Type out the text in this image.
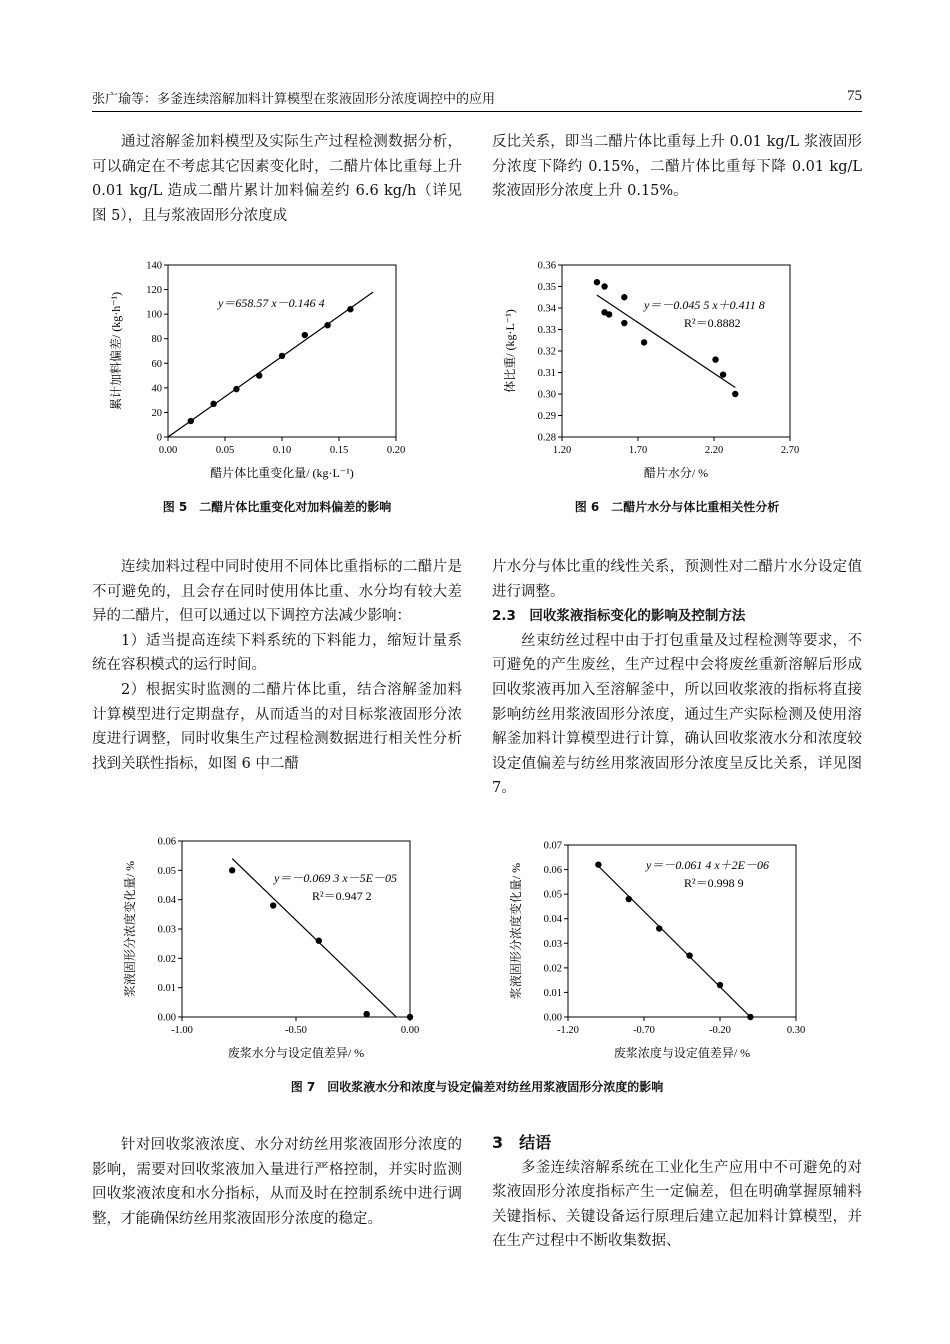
张广瑜等：多釜连续溶解加料计算模型在浆液固形分浓度调控中的应用	75

通过溶解釜加料模型及实际生产过程检测数据分析，可以确定在不考虑其它因素变化时，二醋片体比重每上升 0.01 kg/L 造成二醋片累计加料偏差约 6.6 kg/h（详见图 5），且与浆液固形分浓度成

反比关系，即当二醋片体比重每上升 0.01 kg/L 浆液固形分浓度下降约 0.15%，二醋片体比重每下降 0.01 kg/L 浆液固形分浓度上升 0.15%。

0
20
40
60
80
100
120
140
0.00	0.05	0.10	0.15	0.20
醋片体比重变化量/ (kg·L⁻¹)
累计加料偏差/ (kg·h⁻¹)	y＝658.57 x－0.146 4
0.28
0.29
0.30
0.31
0.32
0.33
0.34
0.35
0.36
1.20	1.70	2.20	2.70
醋片水分/ %
体比重/ (kg·L⁻¹)
y＝－0.045 5 x＋0.411 8
R²＝0.8882
图 5　二醋片体比重变化对加料偏差的影响	图 6　二醋片水分与体比重相关性分析

连续加料过程中同时使用不同体比重指标的二醋片是不可避免的，且会存在同时使用体比重、水分均有较大差异的二醋片，但可以通过以下调控方法减少影响：

1）适当提高连续下料系统的下料能力，缩短计量系统在容积模式的运行时间。

2）根据实时监测的二醋片体比重，结合溶解釜加料计算模型进行定期盘存，从而适当的对目标浆液固形分浓度进行调整，同时收集生产过程检测数据进行相关性分析找到关联性指标，如图 6 中二醋

片水分与体比重的线性关系，预测性对二醋片水分设定值进行调整。

2.3　回收浆液指标变化的影响及控制方法

丝束纺丝过程中由于打包重量及过程检测等要求，不可避免的产生废丝，生产过程中会将废丝重新溶解后形成回收浆液再加入至溶解釜中，所以回收浆液的指标将直接影响纺丝用浆液固形分浓度，通过生产实际检测及使用溶解釜加料计算模型进行计算，确认回收浆液水分和浓度较设定值偏差与纺丝用浆液固形分浓度呈反比关系，详见图 7。

0.00
0.01
0.02
0.03
0.04
0.05
0.06
-1.00	-0.50	0.00
废浆水分与设定值差异/ %
浆液固形分浓度变化量/ %	y＝－0.069 3 x－5E－05
R²＝0.947 2
0.00
0.01
0.02
0.03
0.04
0.05
0.06
0.07
-1.20	-0.70	-0.20	0.30
废浆浓度与设定值差异/ %
浆液固形分浓度变化量/ %	y＝－0.061 4 x＋2E－06
R²＝0.998 9
图 7　回收浆液水分和浓度与设定偏差对纺丝用浆液固形分浓度的影响

针对回收浆液浓度、水分对纺丝用浆液固形分浓度的影响，需要对回收浆液加入量进行严格控制，并实时监测回收浆液浓度和水分指标，从而及时在控制系统中进行调整，才能确保纺丝用浆液固形分浓度的稳定。

3　结语

多釜连续溶解系统在工业化生产应用中不可避免的对浆液固形分浓度指标产生一定偏差，但在明确掌握原辅料关键指标、关键设备运行原理后建立起加料计算模型，并在生产过程中不断收集数据、
